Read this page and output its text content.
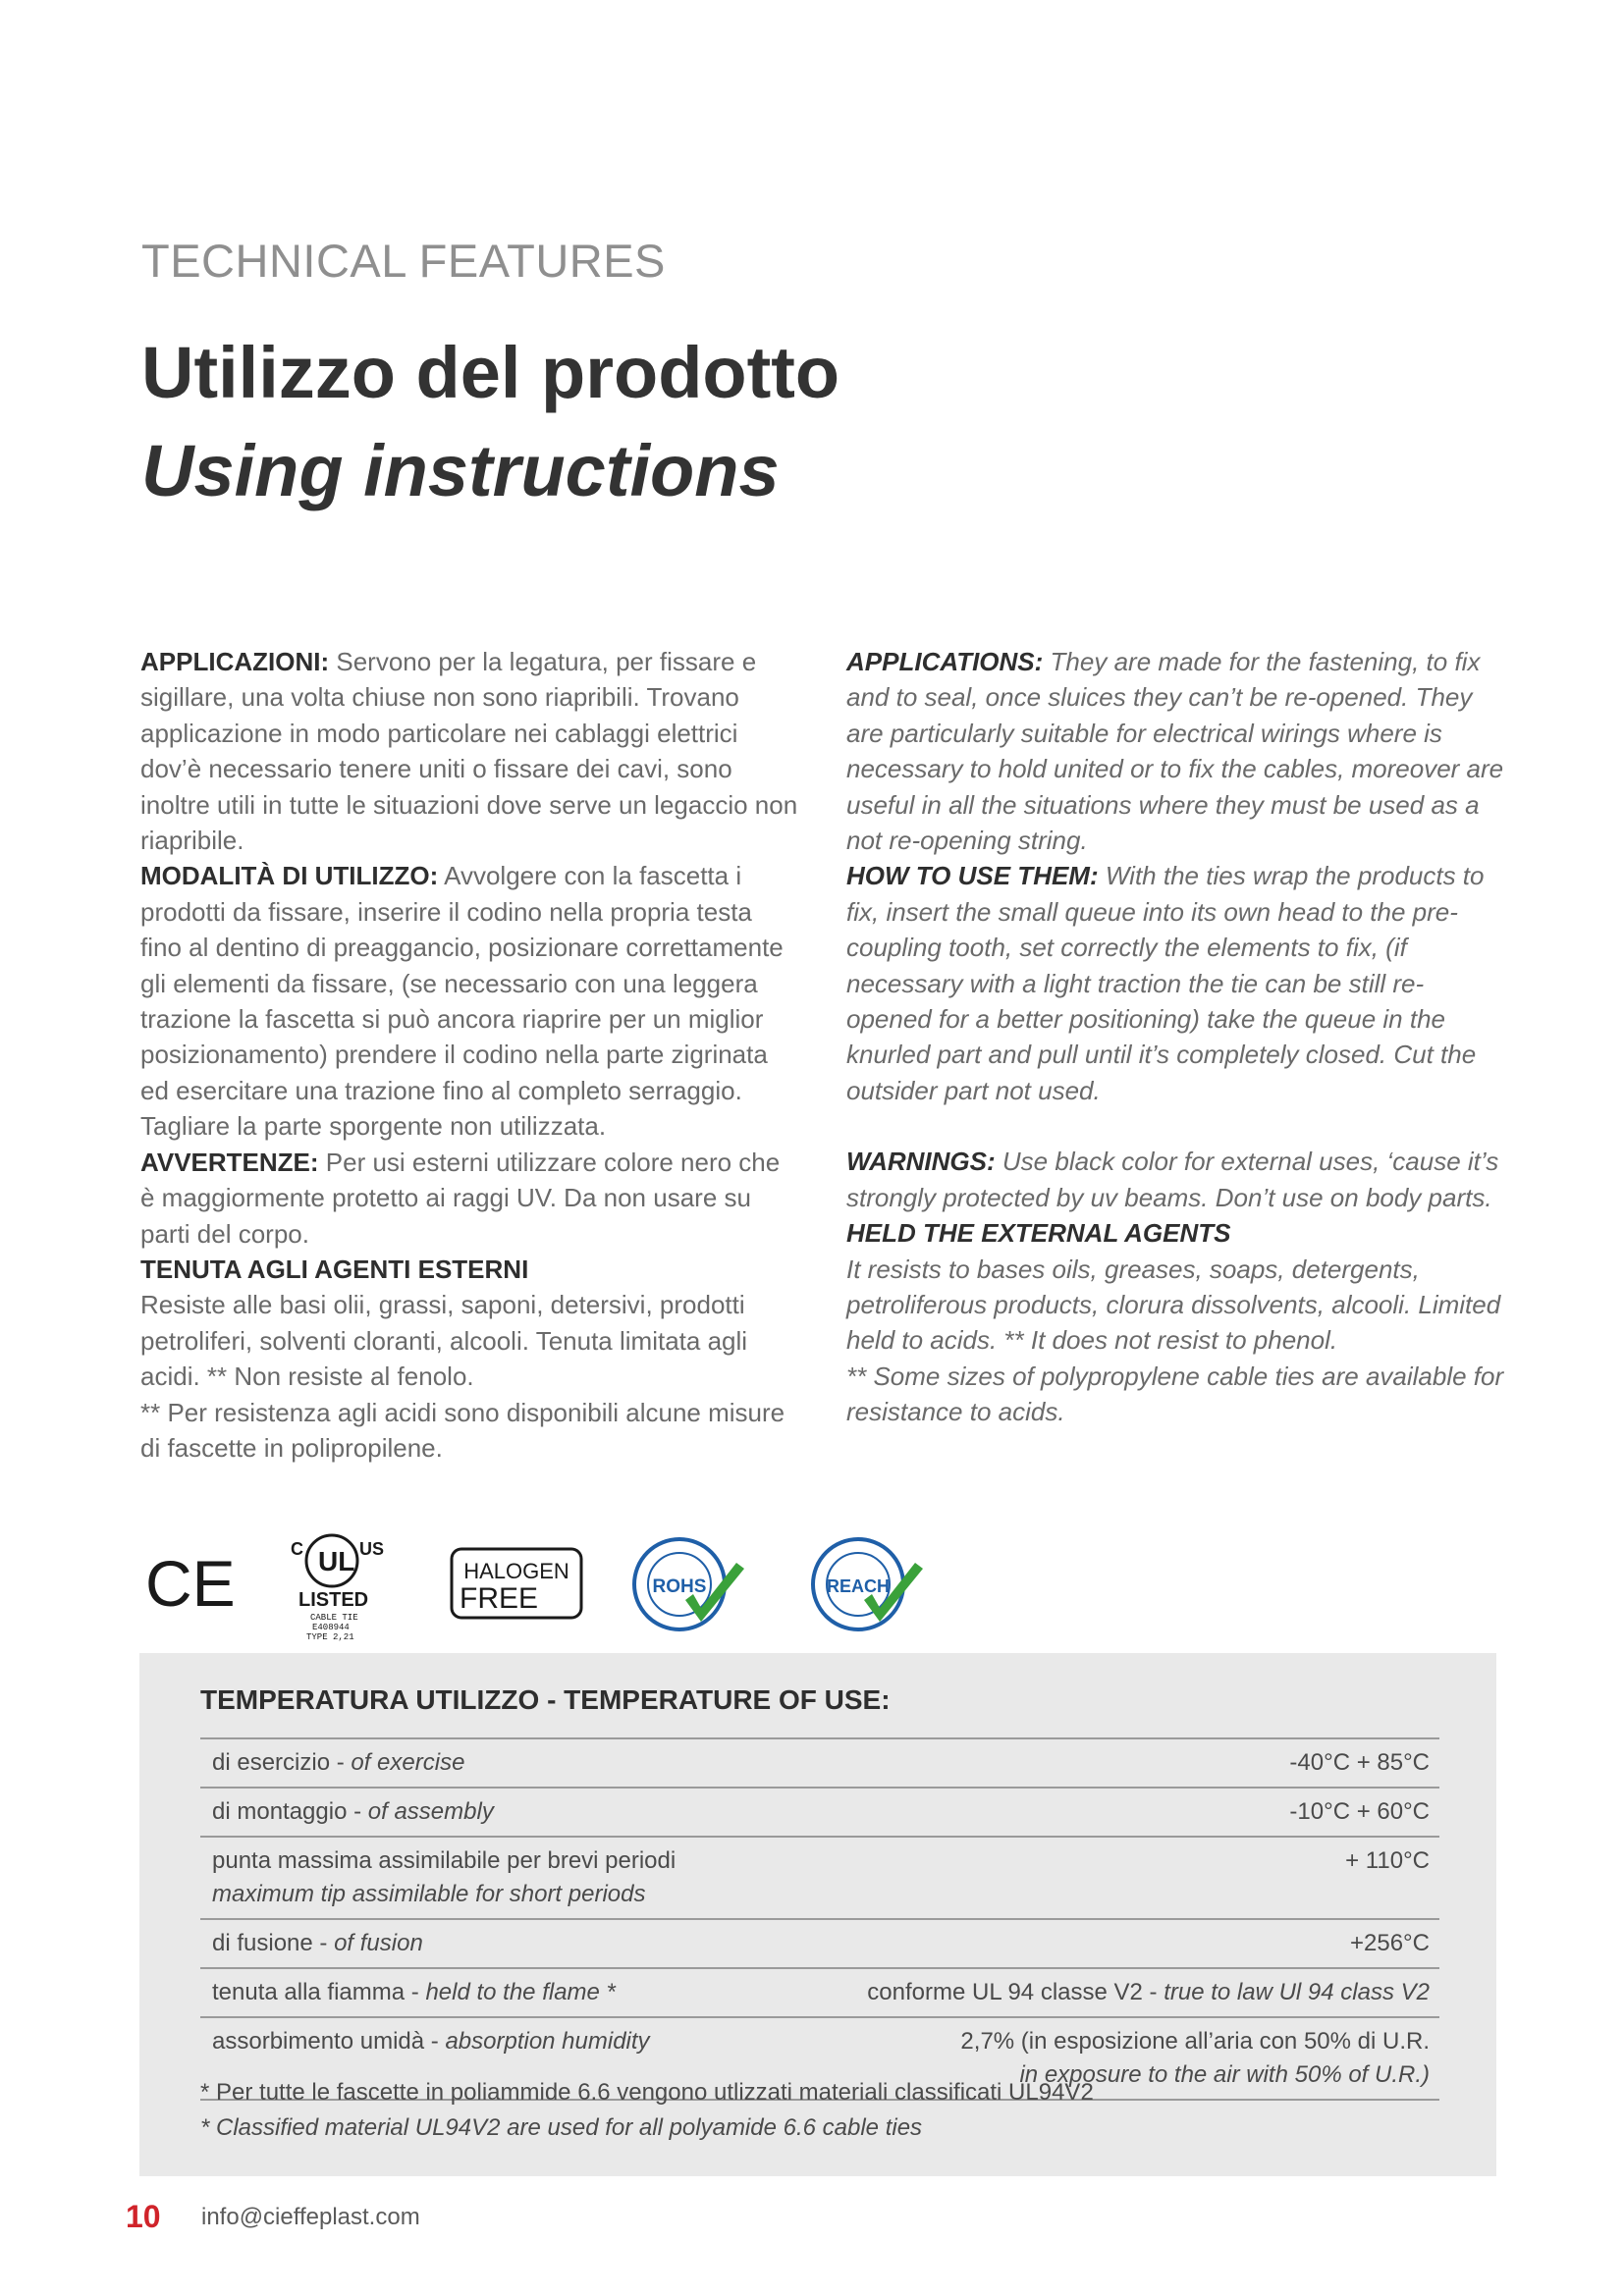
TECHNICAL FEATURES
Utilizzo del prodotto
Using instructions

APPLICAZIONI: Servono per la legatura, per fissare e sigillare, una volta chiuse non sono riapribili. Trovano applicazione in modo particolare nei cablaggi elettrici dov’è necessario tenere uniti o fissare dei cavi, sono inoltre utili in tutte le situazioni dove serve un legaccio non riapribile.

MODALITÀ DI UTILIZZO: Avvolgere con la fascetta i prodotti da fissare, inserire il codino nella propria testa fino al dentino di preaggancio, posizionare correttamente gli elementi da fissare, (se necessario con una leggera trazione la fascetta si può ancora riaprire per un miglior posizionamento) prendere il codino nella parte zigrinata ed esercitare una trazione fino al completo serraggio. Tagliare la parte sporgente non utilizzata.

AVVERTENZE: Per usi esterni utilizzare colore nero che è maggiormente protetto ai raggi UV. Da non usare su parti del corpo.

TENUTA AGLI AGENTI ESTERNI

Resiste alle basi olii, grassi, saponi, detersivi, prodotti petroliferi, solventi cloranti, alcooli. Tenuta limitata agli acidi. ** Non resiste al fenolo.

** Per resistenza agli acidi sono disponibili alcune misure di fascette in polipropilene.

APPLICATIONS: They are made for the fastening, to fix and to seal, once sluices they can’t be re-opened. They are particularly suitable for electrical wirings where is necessary to hold united or to fix the cables, moreover are useful in all the situations where they must be used as a not re-opening string.

HOW TO USE THEM: With the ties wrap the products to fix, insert the small queue into its own head to the pre-coupling tooth, set correctly the elements to fix, (if necessary with a light traction the tie can be still re-opened for a better positioning) take the queue in the knurled part and pull until it’s completely closed. Cut the outsider part not used.

WARNINGS: Use black color for external uses, ‘cause it’s strongly protected by uv beams. Don’t use on body parts.

HELD THE EXTERNAL AGENTS

It resists to bases oils, greases, soaps, detergents, petroliferous products, clorura dissolvents, alcooli. Limited held to acids. ** It does not resist to phenol.

** Some sizes of polypropylene cable ties are available for resistance to acids.

CE	C UL US
LISTED
CABLE TIE
E408944
TYPE 2,21
HALOGEN
FREE	ROHS	REACH
TEMPERATURA UTILIZZO - TEMPERATURE OF USE:
di esercizio - of exercise	-40°C + 85°C
di montaggio - of assembly	-10°C + 60°C
punta massima assimilabile per brevi periodi
maximum tip assimilable for short periods	+ 110°C
di fusione - of fusion	+256°C
tenuta alla fiamma - held to the flame *	conforme UL 94 classe V2 - true to law Ul 94 class V2
assorbimento umidà - absorption humidity	2,7% (in esposizione all’aria con 50% di U.R.
in exposure to the air with 50% of U.R.)
* Per tutte le fascette in poliammide 6.6 vengono utlizzati materiali classificati UL94V2
* Classified material UL94V2 are used for all polyamide 6.6 cable ties
10 info@cieffeplast.com
